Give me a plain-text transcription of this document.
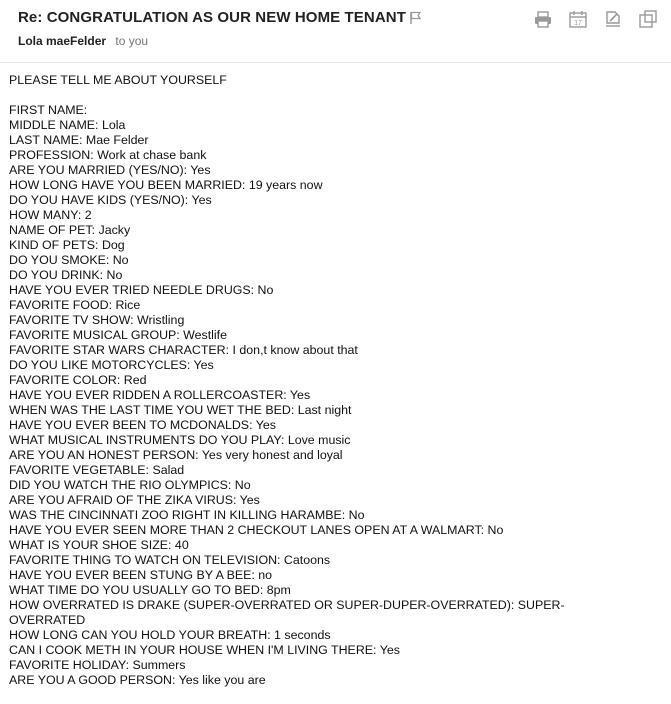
Re: CONGRATULATION AS OUR NEW HOME TENANT
Lola maeFelder to you
17
PLEASE TELL ME ABOUT YOURSELF
FIRST NAME:
MIDDLE NAME: Lola
LAST NAME: Mae Felder
PROFESSION: Work at chase bank
ARE YOU MARRIED (YES/NO): Yes
HOW LONG HAVE YOU BEEN MARRIED: 19 years now
DO YOU HAVE KIDS (YES/NO): Yes
HOW MANY: 2
NAME OF PET: Jacky
KIND OF PETS: Dog
DO YOU SMOKE: No
DO YOU DRINK: No
HAVE YOU EVER TRIED NEEDLE DRUGS: No
FAVORITE FOOD: Rice
FAVORITE TV SHOW: Wristling
FAVORITE MUSICAL GROUP: Westlife
FAVORITE STAR WARS CHARACTER: I don,t know about that
DO YOU LIKE MOTORCYCLES: Yes
FAVORITE COLOR: Red
HAVE YOU EVER RIDDEN A ROLLERCOASTER: Yes
WHEN WAS THE LAST TIME YOU WET THE BED: Last night
HAVE YOU EVER BEEN TO MCDONALDS: Yes
WHAT MUSICAL INSTRUMENTS DO YOU PLAY: Love music
ARE YOU AN HONEST PERSON: Yes very honest and loyal
FAVORITE VEGETABLE: Salad
DID YOU WATCH THE RIO OLYMPICS: No
ARE YOU AFRAID OF THE ZIKA VIRUS: Yes
WAS THE CINCINNATI ZOO RIGHT IN KILLING HARAMBE: No
HAVE YOU EVER SEEN MORE THAN 2 CHECKOUT LANES OPEN AT A WALMART: No
WHAT IS YOUR SHOE SIZE: 40
FAVORITE THING TO WATCH ON TELEVISION: Catoons
HAVE YOU EVER BEEN STUNG BY A BEE: no
WHAT TIME DO YOU USUALLY GO TO BED: 8pm
HOW OVERRATED IS DRAKE (SUPER-OVERRATED OR SUPER-DUPER-OVERRATED): SUPER-
OVERRATED
HOW LONG CAN YOU HOLD YOUR BREATH: 1 seconds
CAN I COOK METH IN YOUR HOUSE WHEN I'M LIVING THERE: Yes
FAVORITE HOLIDAY: Summers
ARE YOU A GOOD PERSON: Yes like you are
